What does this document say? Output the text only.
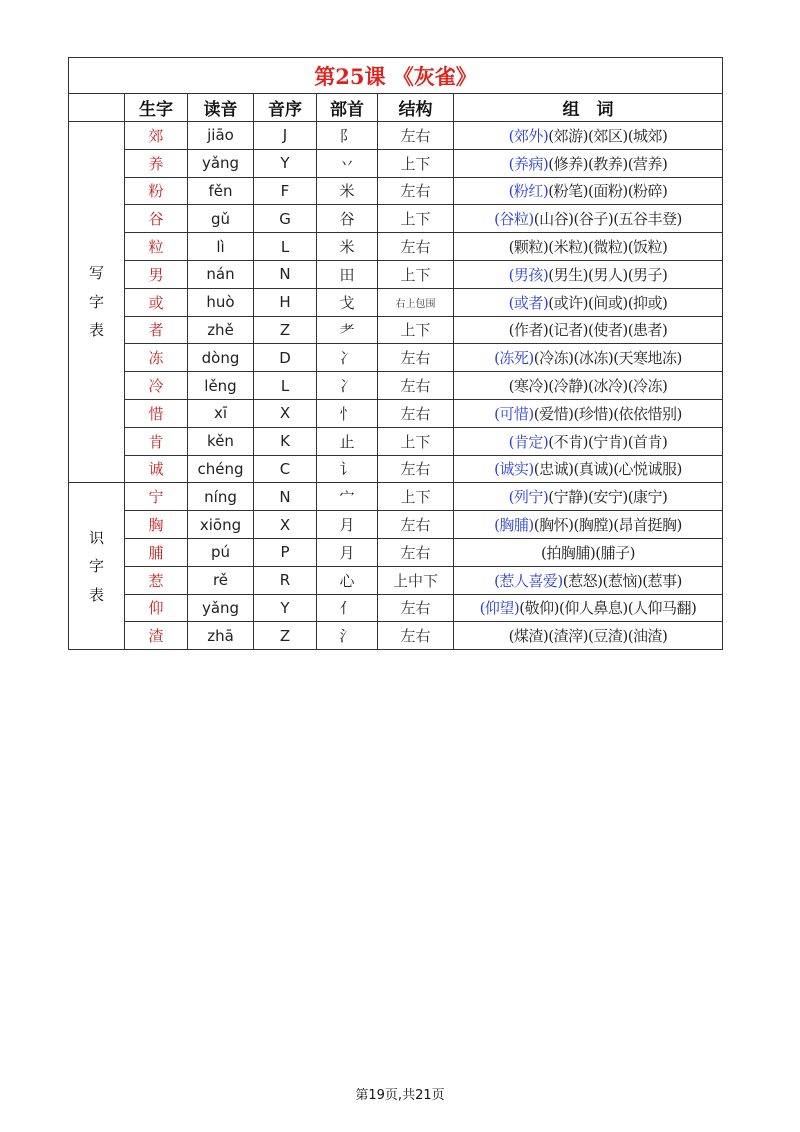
第25课 《灰雀》						
	生字	读音	音序	部首	结构	组　词
写
字
表	郊	jiāo	J	阝	左右	(郊外)(郊游)(郊区)(城郊)
	养	yǎng	Y	丷	上下	(养病)(修养)(教养)(营养)
	粉	fěn	F	米	左右	(粉红)(粉笔)(面粉)(粉碎)
	谷	gǔ	G	谷	上下	(谷粒)(山谷)(谷子)(五谷丰登)
	粒	lì	L	米	左右	(颗粒)(米粒)(微粒)(饭粒)
	男	nán	N	田	上下	(男孩)(男生)(男人)(男子)
	或	huò	H	戈	右上包围	(或者)(或许)(间或)(抑或)
	者	zhě	Z	耂	上下	(作者)(记者)(使者)(患者)
	冻	dòng	D	冫	左右	(冻死)(冷冻)(冰冻)(天寒地冻)
	冷	lěng	L	冫	左右	(寒冷)(冷静)(冰冷)(冷冻)
	惜	xī	X	忄	左右	(可惜)(爱惜)(珍惜)(依依惜别)
	肯	kěn	K	止	上下	(肯定)(不肯)(宁肯)(首肯)
	诚	chéng	C	讠	左右	(诚实)(忠诚)(真诚)(心悦诚服)
识
字
表	宁	níng	N	宀	上下	(列宁)(宁静)(安宁)(康宁)
	胸	xiōng	X	月	左右	(胸脯)(胸怀)(胸膛)(昂首挺胸)
	脯	pú	P	月	左右	(拍胸脯)(脯子)
	惹	rě	R	心	上中下	(惹人喜爱)(惹怒)(惹恼)(惹事)
	仰	yǎng	Y	亻	左右	(仰望)(敬仰)(仰人鼻息)(人仰马翻)
	渣	zhā	Z	氵	左右	(煤渣)(渣滓)(豆渣)(油渣)
第19页,共21页
